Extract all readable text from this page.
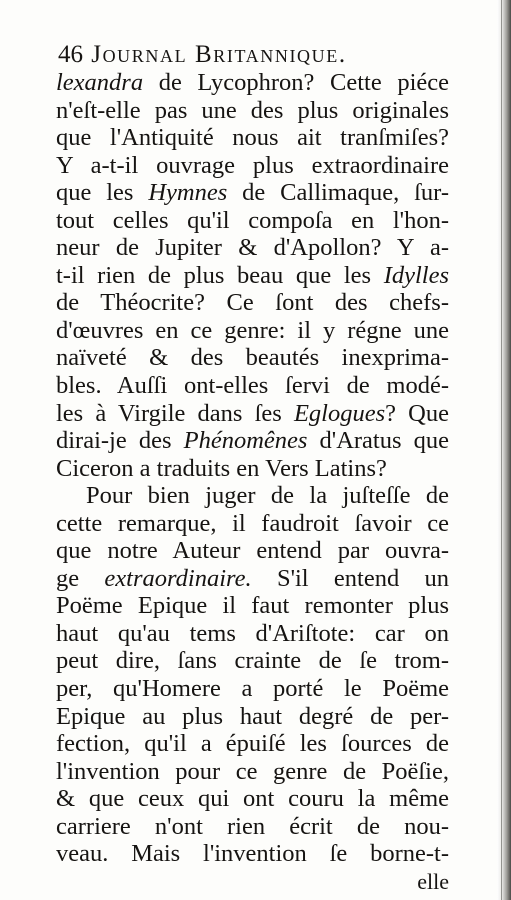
46 Journal Britannique.
lexandra de Lycophron? Cette piéce
n'eſt-elle pas une des plus originales
que l'Antiquité nous ait tranſmiſes?
Y a-t-il ouvrage plus extraordinaire
que les Hymnes de Callimaque, ſur-
tout celles qu'il compoſa en l'hon-
neur de Jupiter & d'Apollon? Y a-
t-il rien de plus beau que les Idylles
de Théocrite? Ce ſont des chefs-
d'œuvres en ce genre: il y régne une
naïveté & des beautés inexprima-
bles. Auſſi ont-elles ſervi de modé-
les à Virgile dans ſes Eglogues? Que
dirai-je des Phénomênes d'Aratus que
Ciceron a traduits en Vers Latins?
Pour bien juger de la juſteſſe de
cette remarque, il faudroit ſavoir ce
que notre Auteur entend par ouvra-
ge extraordinaire. S'il entend un
Poëme Epique il faut remonter plus
haut qu'au tems d'Ariſtote: car on
peut dire, ſans crainte de ſe trom-
per, qu'Homere a porté le Poëme
Epique au plus haut degré de per-
fection, qu'il a épuiſé les ſources de
l'invention pour ce genre de Poëſie,
& que ceux qui ont couru la même
carriere n'ont rien écrit de nou-
veau. Mais l'invention ſe borne-t-
elle
